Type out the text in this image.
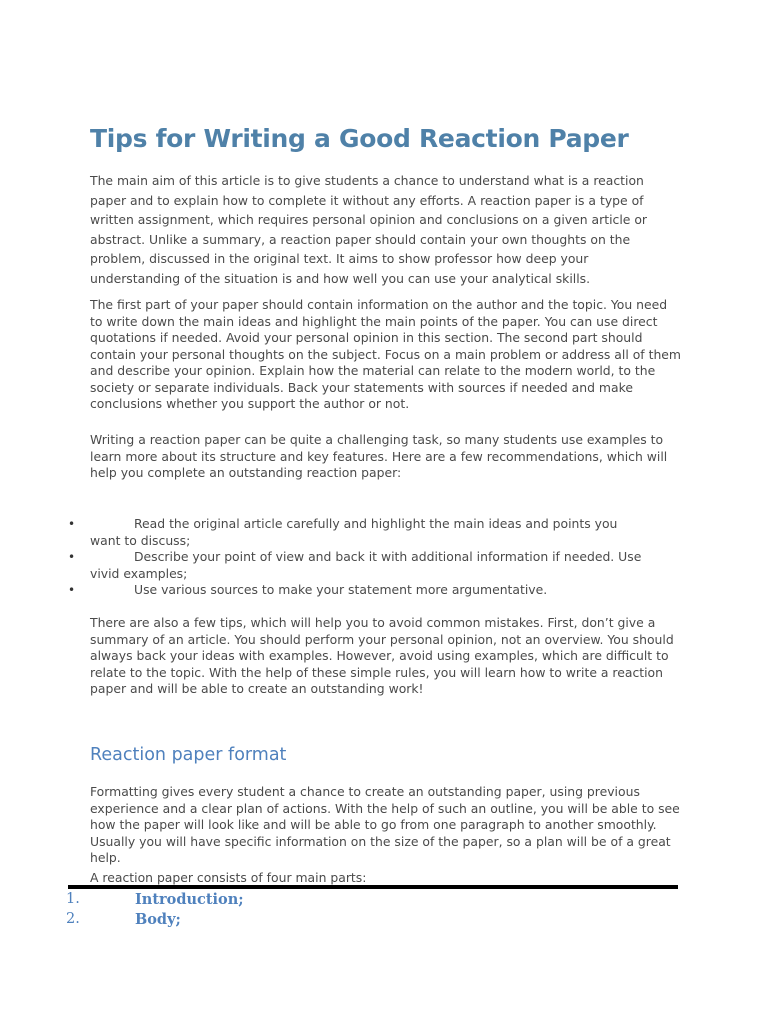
Tips for Writing a Good Reaction Paper

The main aim of this article is to give students a chance to understand what is a reaction paper and to explain how to complete it without any efforts. A reaction paper is a type of written assignment, which requires personal opinion and conclusions on a given article or abstract. Unlike a summary, a reaction paper should contain your own thoughts on the problem, discussed in the original text. It aims to show professor how deep your understanding of the situation is and how well you can use your analytical skills.

The first part of your paper should contain information on the author and the topic. You need to write down the main ideas and highlight the main points of the paper. You can use direct quotations if needed. Avoid your personal opinion in this section. The second part should contain your personal thoughts on the subject. Focus on a main problem or address all of them and describe your opinion. Explain how the material can relate to the modern world, to the society or separate individuals. Back your statements with sources if needed and make conclusions whether you support the author or not.

Writing a reaction paper can be quite a challenging task, so many students use examples to learn more about its structure and key features. Here are a few recommendations, which will help you complete an outstanding reaction paper:

•	Read the original article carefully and highlight the main ideas and points you want to discuss;
•	Describe your point of view and back it with additional information if needed. Use vivid examples;
•	Use various sources to make your statement more argumentative.

There are also a few tips, which will help you to avoid common mistakes. First, don’t give a summary of an article. You should perform your personal opinion, not an overview. You should always back your ideas with examples. However, avoid using examples, which are difficult to relate to the topic. With the help of these simple rules, you will learn how to write a reaction paper and will be able to create an outstanding work!

Reaction paper format

Formatting gives every student a chance to create an outstanding paper, using previous experience and a clear plan of actions. With the help of such an outline, you will be able to see how the paper will look like and will be able to go from one paragraph to another smoothly. Usually you will have specific information on the size of the paper, so a plan will be of a great help.

A reaction paper consists of four main parts:

1.	Introduction;
2.	Body;
